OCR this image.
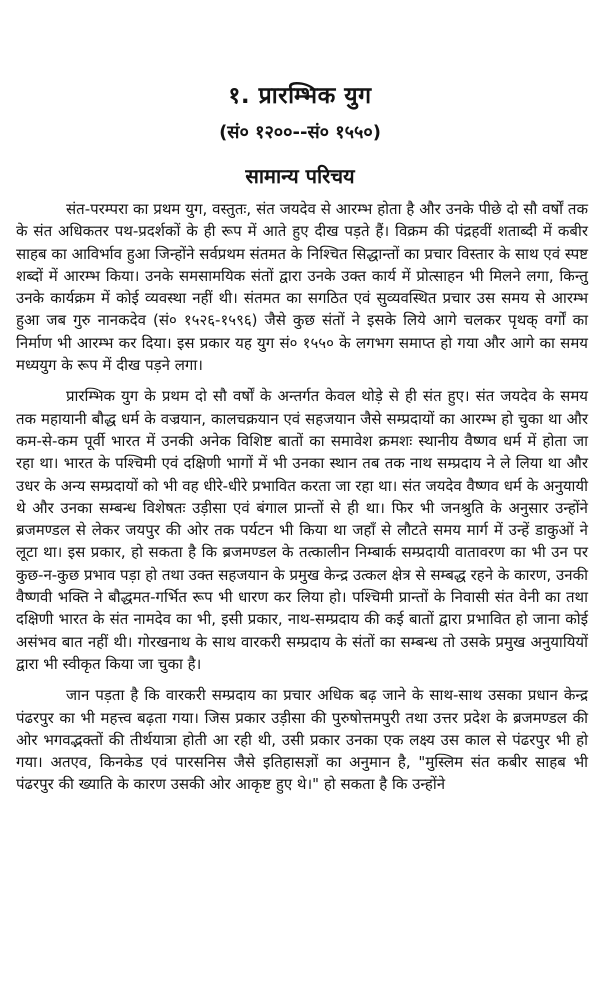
१. प्रारम्भिक युग
(सं० १२००--सं० १५५०)
सामान्य परिचय

संत-परम्परा का प्रथम युग, वस्तुतः, संत जयदेव से आरम्भ होता है और उनके पीछे दो सौ वर्षों तक के संत अधिकतर पथ-प्रदर्शकों के ही रूप में आते हुए दीख पड़ते हैं। विक्रम की पंद्रहवीं शताब्दी में कबीर साहब का आविर्भाव हुआ जिन्होंने सर्वप्रथम संतमत के निश्चित सिद्धान्तों का प्रचार विस्तार के साथ एवं स्पष्ट शब्दों में आरम्भ किया। उनके समसामयिक संतों द्वारा उनके उक्त कार्य में प्रोत्साहन भी मिलने लगा, किन्तु उनके कार्यक्रम में कोई व्यवस्था नहीं थी। संतमत का सगठित एवं सुव्यवस्थित प्रचार उस समय से आरम्भ हुआ जब गुरु नानकदेव (सं० १५२६-१५९६) जैसे कुछ संतों ने इसके लिये आगे चलकर पृथक् वर्गों का निर्माण भी आरम्भ कर दिया। इस प्रकार यह युग सं० १५५० के लगभग समाप्त हो गया और आगे का समय मध्ययुग के रूप में दीख पड़ने लगा।

प्रारम्भिक युग के प्रथम दो सौ वर्षों के अन्तर्गत केवल थोड़े से ही संत हुए। संत जयदेव के समय तक महायानी बौद्ध धर्म के वज्रयान, कालचक्रयान एवं सहजयान जैसे सम्प्रदायों का आरम्भ हो चुका था और कम-से-कम पूर्वी भारत में उनकी अनेक विशिष्ट बातों का समावेश क्रमशः स्थानीय वैष्णव धर्म में होता जा रहा था। भारत के पश्चिमी एवं दक्षिणी भागों में भी उनका स्थान तब तक नाथ सम्प्रदाय ने ले लिया था और उधर के अन्य सम्प्रदायों को भी वह धीरे-धीरे प्रभावित करता जा रहा था। संत जयदेव वैष्णव धर्म के अनुयायी थे और उनका सम्बन्ध विशेषतः उड़ीसा एवं बंगाल प्रान्तों से ही था। फिर भी जनश्रुति के अनुसार उन्होंने ब्रजमण्डल से लेकर जयपुर की ओर तक पर्यटन भी किया था जहाँ से लौटते समय मार्ग में उन्हें डाकुओं ने लूटा था। इस प्रकार, हो सकता है कि ब्रजमण्डल के तत्कालीन निम्बार्क सम्प्रदायी वातावरण का भी उन पर कुछ-न-कुछ प्रभाव पड़ा हो तथा उक्त सहजयान के प्रमुख केन्द्र उत्कल क्षेत्र से सम्बद्ध रहने के कारण, उनकी वैष्णवी भक्ति ने बौद्धमत-गर्भित रूप भी धारण कर लिया हो। पश्चिमी प्रान्तों के निवासी संत वेनी का तथा दक्षिणी भारत के संत नामदेव का भी, इसी प्रकार, नाथ-सम्प्रदाय की कई बातों द्वारा प्रभावित हो जाना कोई असंभव बात नहीं थी। गोरखनाथ के साथ वारकरी सम्प्रदाय के संतों का सम्बन्ध तो उसके प्रमुख अनुयायियों द्वारा भी स्वीकृत किया जा चुका है।

जान पड़ता है कि वारकरी सम्प्रदाय का प्रचार अधिक बढ़ जाने के साथ-साथ उसका प्रधान केन्द्र पंढरपुर का भी महत्त्व बढ़ता गया। जिस प्रकार उड़ीसा की पुरुषोत्तमपुरी तथा उत्तर प्रदेश के ब्रजमण्डल की ओर भगवद्भक्तों की तीर्थयात्रा होती आ रही थी, उसी प्रकार उनका एक लक्ष्य उस काल से पंढरपुर भी हो गया। अतएव, किनकेड एवं पारसनिस जैसे इतिहासज्ञों का अनुमान है, "मुस्लिम संत कबीर साहब भी पंढरपुर की ख्याति के कारण उसकी ओर आकृष्ट हुए थे।" हो सकता है कि उन्होंने
